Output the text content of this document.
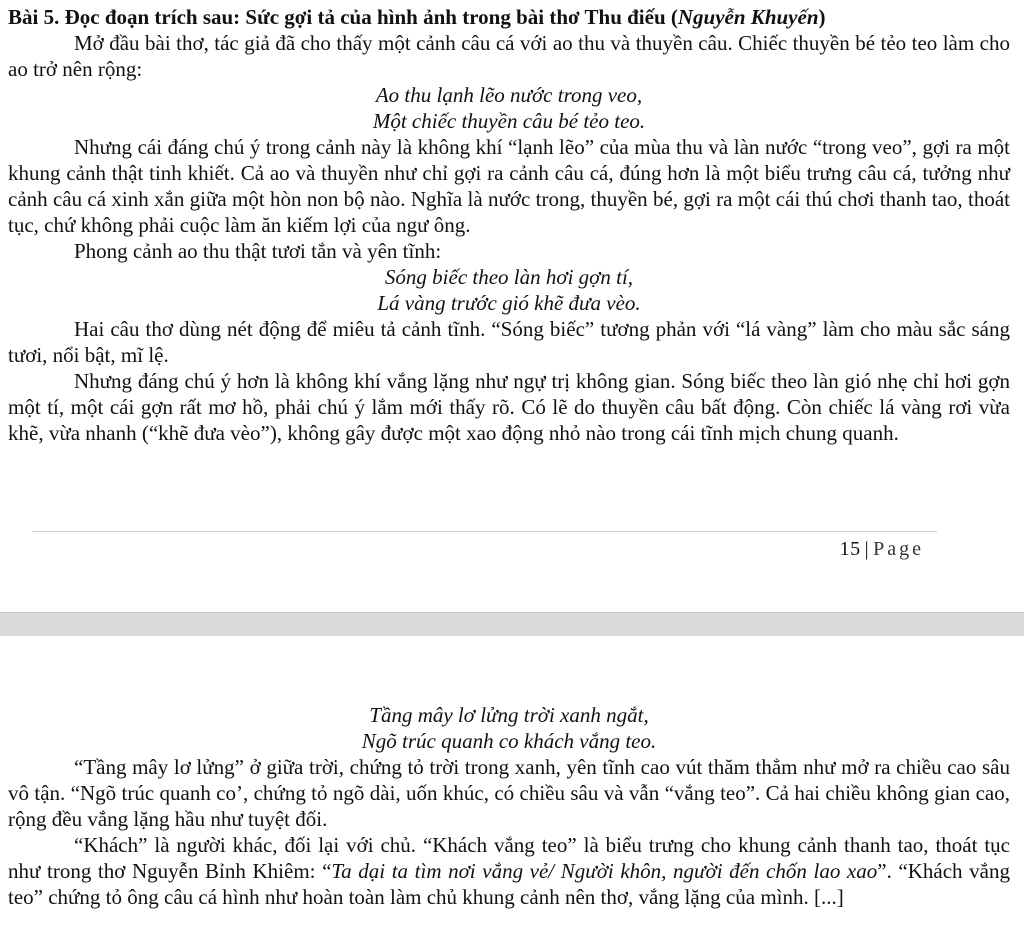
Bài 5. Đọc đoạn trích sau: Sức gợi tả của hình ảnh trong bài thơ Thu điếu (Nguyễn Khuyến)

Mở đầu bài thơ, tác giả đã cho thấy một cảnh câu cá với ao thu và thuyền câu. Chiếc thuyền bé tẻo teo làm cho ao trở nên rộng:

Ao thu lạnh lẽo nước trong veo,
Một chiếc thuyền câu bé tẻo teo.

Nhưng cái đáng chú ý trong cảnh này là không khí “lạnh lẽo” của mùa thu và làn nước “trong veo”, gợi ra một khung cảnh thật tinh khiết. Cả ao và thuyền như chỉ gợi ra cảnh câu cá, đúng hơn là một biểu trưng câu cá, tưởng như cảnh câu cá xinh xắn giữa một hòn non bộ nào. Nghĩa là nước trong, thuyền bé, gợi ra một cái thú chơi thanh tao, thoát tục, chứ không phải cuộc làm ăn kiếm lợi của ngư ông.

Phong cảnh ao thu thật tươi tắn và yên tĩnh:

Sóng biếc theo làn hơi gợn tí,
Lá vàng trước gió khẽ đưa vèo.

Hai câu thơ dùng nét động để miêu tả cảnh tĩnh. “Sóng biếc” tương phản với “lá vàng” làm cho màu sắc sáng tươi, nổi bật, mĩ lệ.

Nhưng đáng chú ý hơn là không khí vắng lặng như ngự trị không gian. Sóng biếc theo làn gió nhẹ chỉ hơi gợn một tí, một cái gợn rất mơ hồ, phải chú ý lắm mới thấy rõ. Có lẽ do thuyền câu bất động. Còn chiếc lá vàng rơi vừa khẽ, vừa nhanh (“khẽ đưa vèo”), không gây được một xao động nhỏ nào trong cái tĩnh mịch chung quanh.

15 | Page
Tầng mây lơ lửng trời xanh ngắt,
Ngõ trúc quanh co khách vắng teo.

“Tầng mây lơ lửng” ở giữa trời, chứng tỏ trời trong xanh, yên tĩnh cao vút thăm thẳm như mở ra chiều cao sâu vô tận. “Ngõ trúc quanh co’, chứng tỏ ngõ dài, uốn khúc, có chiều sâu và vẫn “vắng teo”. Cả hai chiều không gian cao, rộng đều vắng lặng hầu như tuyệt đối.

“Khách” là người khác, đối lại với chủ. “Khách vắng teo” là biểu trưng cho khung cảnh thanh tao, thoát tục như trong thơ Nguyễn Bỉnh Khiêm: “Ta dại ta tìm nơi vắng vẻ/ Người khôn, người đến chốn lao xao”. “Khách vắng teo” chứng tỏ ông câu cá hình như hoàn toàn làm chủ khung cảnh nên thơ, vắng lặng của mình. [...]
